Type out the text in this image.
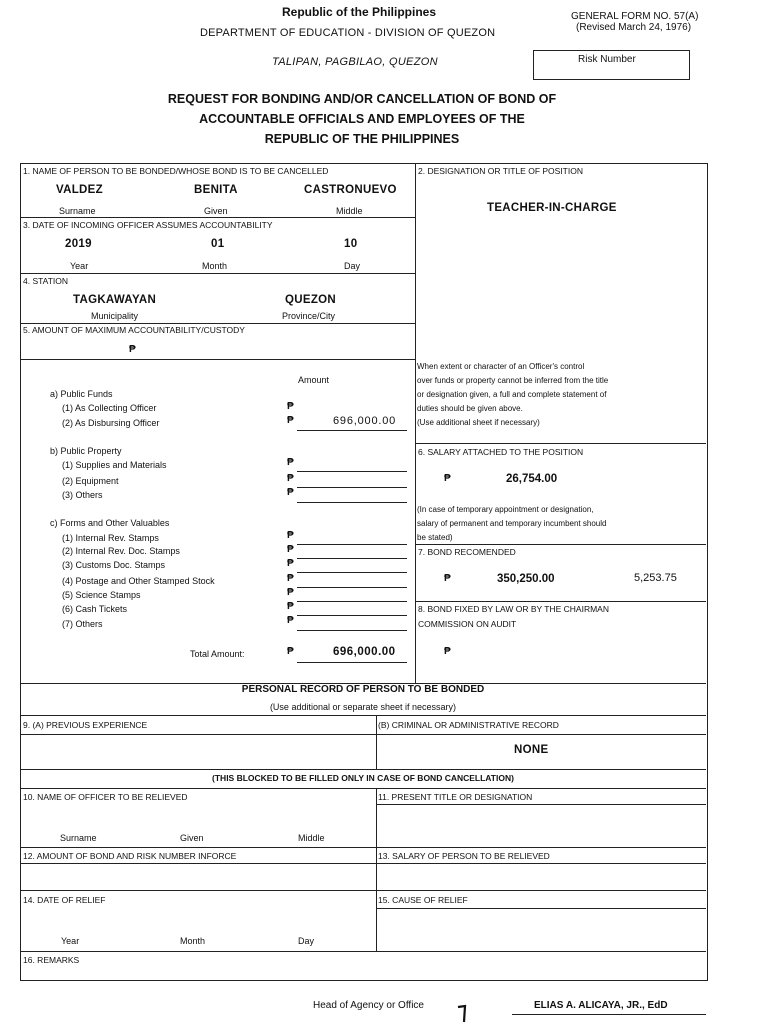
Republic of the Philippines
DEPARTMENT OF EDUCATION - DIVISION OF QUEZON
TALIPAN, PAGBILAO, QUEZON
GENERAL FORM NO. 57(A)
(Revised March 24, 1976)
Risk Number
REQUEST FOR BONDING AND/OR CANCELLATION OF BOND OF
ACCOUNTABLE OFFICIALS AND EMPLOYEES OF THE
REPUBLIC OF THE PHILIPPINES
1. NAME OF PERSON TO BE BONDED/WHOSE BOND IS TO BE CANCELLED
VALDEZ	BENITA	CASTRONUEVO
Surname	Given	Middle
2. DESIGNATION OR TITLE OF POSITION
TEACHER-IN-CHARGE
When extent or character of an Officer's control
over funds or property cannot be inferred from the title
or designation given, a full and complete statement of
duties should be given above.
(Use additional sheet if necessary)
3. DATE OF INCOMING OFFICER ASSUMES ACCOUNTABILITY
2019	01	10
Year	Month	Day
4. STATION
TAGKAWAYAN	QUEZON
Municipality	Province/City
5. AMOUNT OF MAXIMUM ACCOUNTABILITY/CUSTODY
₱
Amount
a) Public Funds
(1) As Collecting Officer	₱
(2) As Disbursing Officer	₱	696,000.00
b) Public Property
(1) Supplies and Materials	₱
(2) Equipment	₱
(3) Others	₱
c) Forms and Other Valuables
(1) Internal Rev. Stamps	₱
(2) Internal Rev. Doc. Stamps	₱
(3) Customs Doc. Stamps	₱
(4) Postage and Other Stamped Stock	₱
(5) Science Stamps	₱
(6) Cash Tickets	₱
(7) Others	₱
Total Amount:	₱	696,000.00
6. SALARY ATTACHED TO THE POSITION
₱	26,754.00
(In case of temporary appointment or designation,
salary of permanent and temporary incumbent should
be stated)
7. BOND RECOMENDED
₱	350,250.00	5,253.75
8. BOND FIXED BY LAW OR BY THE CHAIRMAN
COMMISSION ON AUDIT
₱
PERSONAL RECORD OF PERSON TO BE BONDED
(Use additional or separate sheet if necessary)
9. (A) PREVIOUS EXPERIENCE	(B) CRIMINAL OR ADMINISTRATIVE RECORD
NONE
(THIS BLOCKED TO BE FILLED ONLY IN CASE OF BOND CANCELLATION)
10. NAME OF OFFICER TO BE RELIEVED	11. PRESENT TITLE OR DESIGNATION
Surname	Given	Middle
12. AMOUNT OF BOND AND RISK NUMBER INFORCE	13. SALARY OF PERSON TO BE RELIEVED
14. DATE OF RELIEF	15. CAUSE OF RELIEF
Year	Month	Day
16. REMARKS
Head of Agency or Office	ELIAS A. ALICAYA, JR., EdD
